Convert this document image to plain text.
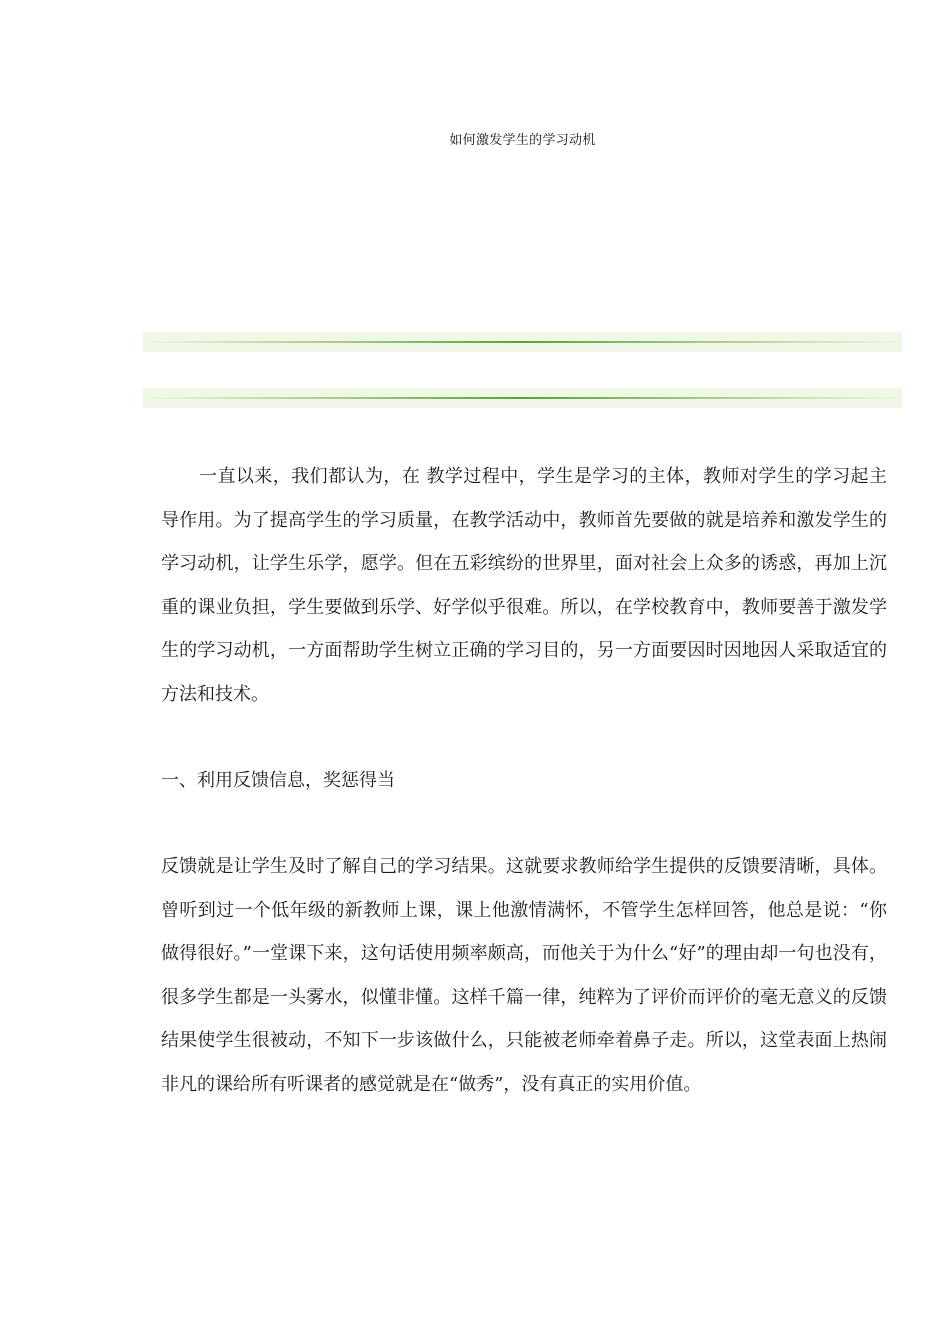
如何激发学生的学习动机

一直以来，我们都认为，在 教学过程中，学生是学习的主体，教师对学生的学习起主导作用。为了提高学生的学习质量，在教学活动中，教师首先要做的就是培养和激发学生的学习动机，让学生乐学，愿学。但在五彩缤纷的世界里，面对社会上众多的诱惑，再加上沉重的课业负担，学生要做到乐学、好学似乎很难。所以，在学校教育中，教师要善于激发学生的学习动机，一方面帮助学生树立正确的学习目的，另一方面要因时因地因人采取适宜的方法和技术。

一、利用反馈信息，奖惩得当

反馈就是让学生及时了解自己的学习结果。这就要求教师给学生提供的反馈要清晰，具体。曾听到过一个低年级的新教师上课，课上他激情满怀，不管学生怎样回答，他总是说：“你做得很好。”一堂课下来，这句话使用频率颇高，而他关于为什么“好”的理由却一句也没有，很多学生都是一头雾水，似懂非懂。这样千篇一律，纯粹为了评价而评价的毫无意义的反馈结果使学生很被动，不知下一步该做什么，只能被老师牵着鼻子走。所以，这堂表面上热闹非凡的课给所有听课者的感觉就是在“做秀”，没有真正的实用价值。
